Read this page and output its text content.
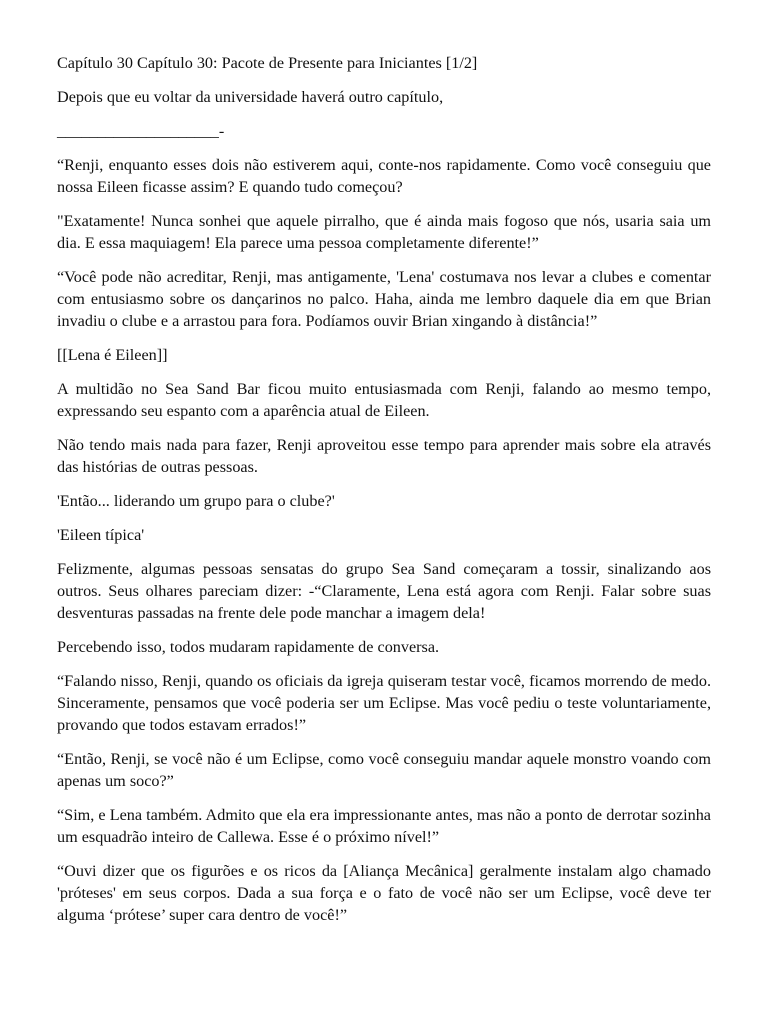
Capítulo 30 Capítulo 30: Pacote de Presente para Iniciantes [1/2]

Depois que eu voltar da universidade haverá outro capítulo,

____________________-

“Renji, enquanto esses dois não estiverem aqui, conte-nos rapidamente. Como você conseguiu que nossa Eileen ficasse assim? E quando tudo começou?

"Exatamente! Nunca sonhei que aquele pirralho, que é ainda mais fogoso que nós, usaria saia um dia. E essa maquiagem! Ela parece uma pessoa completamente diferente!”

“Você pode não acreditar, Renji, mas antigamente, 'Lena' costumava nos levar a clubes e comentar com entusiasmo sobre os dançarinos no palco. Haha, ainda me lembro daquele dia em que Brian invadiu o clube e a arrastou para fora. Podíamos ouvir Brian xingando à distância!”

[[Lena é Eileen]]

A multidão no Sea Sand Bar ficou muito entusiasmada com Renji, falando ao mesmo tempo, expressando seu espanto com a aparência atual de Eileen.

Não tendo mais nada para fazer, Renji aproveitou esse tempo para aprender mais sobre ela através das histórias de outras pessoas.

'Então... liderando um grupo para o clube?'

'Eileen típica'

Felizmente, algumas pessoas sensatas do grupo Sea Sand começaram a tossir, sinalizando aos outros. Seus olhares pareciam dizer: -“Claramente, Lena está agora com Renji. Falar sobre suas desventuras passadas na frente dele pode manchar a imagem dela!

Percebendo isso, todos mudaram rapidamente de conversa.

“Falando nisso, Renji, quando os oficiais da igreja quiseram testar você, ficamos morrendo de medo. Sinceramente, pensamos que você poderia ser um Eclipse. Mas você pediu o teste voluntariamente, provando que todos estavam errados!”

“Então, Renji, se você não é um Eclipse, como você conseguiu mandar aquele monstro voando com apenas um soco?”

“Sim, e Lena também. Admito que ela era impressionante antes, mas não a ponto de derrotar sozinha um esquadrão inteiro de Callewa. Esse é o próximo nível!”

“Ouvi dizer que os figurões e os ricos da [Aliança Mecânica] geralmente instalam algo chamado 'próteses' em seus corpos. Dada a sua força e o fato de você não ser um Eclipse, você deve ter alguma ‘prótese’ super cara dentro de você!”
